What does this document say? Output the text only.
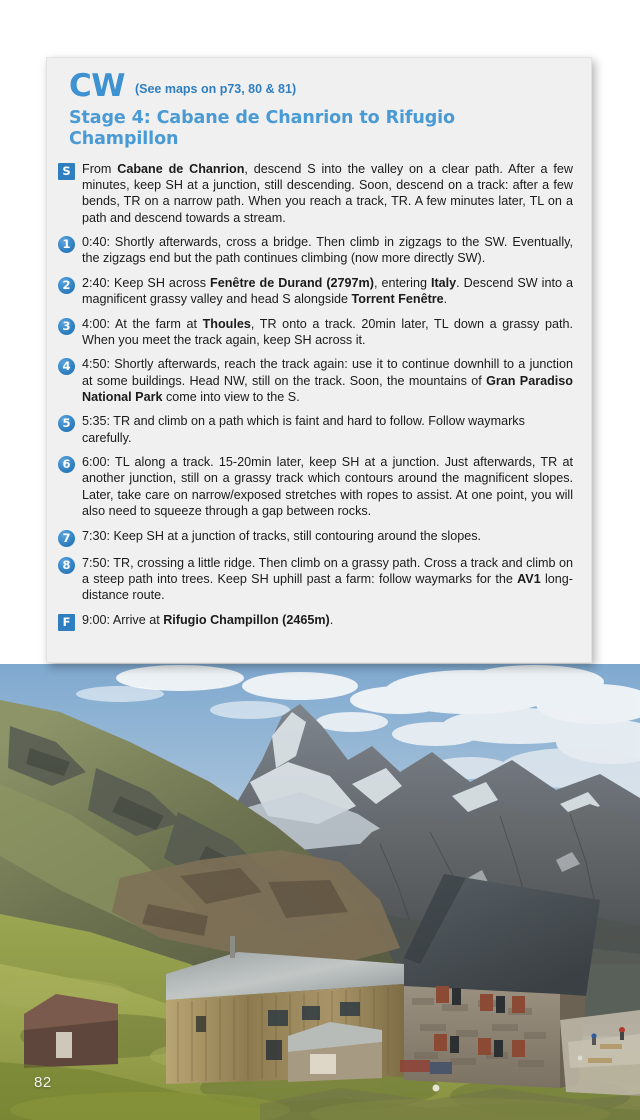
82
CW (See maps on p73, 80 & 81)
Stage 4: Cabane de Chanrion to Rifugio Champillon
S From Cabane de Chanrion, descend S into the valley on a clear path. After a few minutes, keep SH at a junction, still descending. Soon, descend on a track: after a few bends, TR on a narrow path. When you reach a track, TR. A few minutes later, TL on a path and descend towards a stream.
1 0:40: Shortly afterwards, cross a bridge. Then climb in zigzags to the SW. Eventually, the zigzags end but the path continues climbing (now more directly SW).
2 2:40: Keep SH across Fenêtre de Durand (2797m), entering Italy. Descend SW into a magnificent grassy valley and head S alongside Torrent Fenêtre.
3 4:00: At the farm at Thoules, TR onto a track. 20min later, TL down a grassy path. When you meet the track again, keep SH across it.
4 4:50: Shortly afterwards, reach the track again: use it to continue downhill to a junction at some buildings. Head NW, still on the track. Soon, the mountains of Gran Paradiso National Park come into view to the S.
5 5:35: TR and climb on a path which is faint and hard to follow. Follow waymarks carefully.
6 6:00: TL along a track. 15-20min later, keep SH at a junction. Just afterwards, TR at another junction, still on a grassy track which contours around the magnificent slopes. Later, take care on narrow/exposed stretches with ropes to assist. At one point, you will also need to squeeze through a gap between rocks.
7 7:30: Keep SH at a junction of tracks, still contouring around the slopes.
8 7:50: TR, crossing a little ridge. Then climb on a grassy path. Cross a track and climb on a steep path into trees. Keep SH uphill past a farm: follow waymarks for the AV1 long-distance route.
F 9:00: Arrive at Rifugio Champillon (2465m).
